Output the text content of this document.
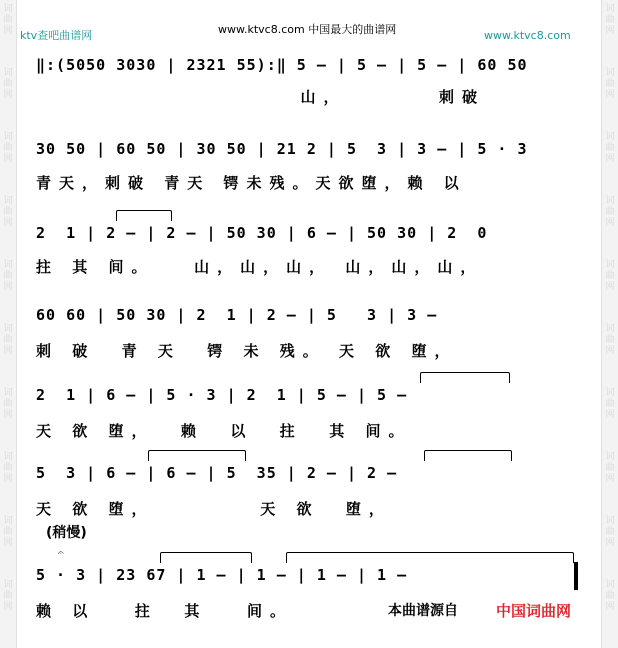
ktv查吧曲谱网	www.ktvc8.com 中国最大的曲谱网	www.ktvc8.com
‖:(5050 3030 | 2321 55):‖ 5 – | 5 – | 5 – | 60 50
山，       刺破
30 50 | 60 50 | 30 50 | 21 2 | 5  3 | 3 – | 5 · 3
青天，刺破 青天 锷未残。天欲堕，赖 以
2  1 | 2 – | 2 – | 50 30 | 6 – | 50 30 | 2  0
拄 其 间。   山，山，山， 山，山，山，
60 60 | 50 30 | 2  1 | 2 – | 5   3 | 3 –
刺 破  青 天  锷 未 残。 天 欲 堕，
2  1 | 6 – | 5 · 3 | 2  1 | 5 – | 5 –
天 欲 堕，  赖  以  拄  其 间。
5  3 | 6 – | 6 – | 5  35 | 2 – | 2 –
天 欲 堕，        天 欲  堕，
(稍慢)
𝄐
5 · 3 | 23 67 | 1 – | 1 – | 1 – | 1 –
赖 以   拄  其   间。	本曲谱源自	中国词曲网
词曲网
词曲网
词曲网
词曲网
词曲网
词曲网
词曲网
词曲网
词曲网
词曲网
词曲网
词曲网
词曲网
词曲网
词曲网
词曲网
词曲网
词曲网
词曲网
词曲网
